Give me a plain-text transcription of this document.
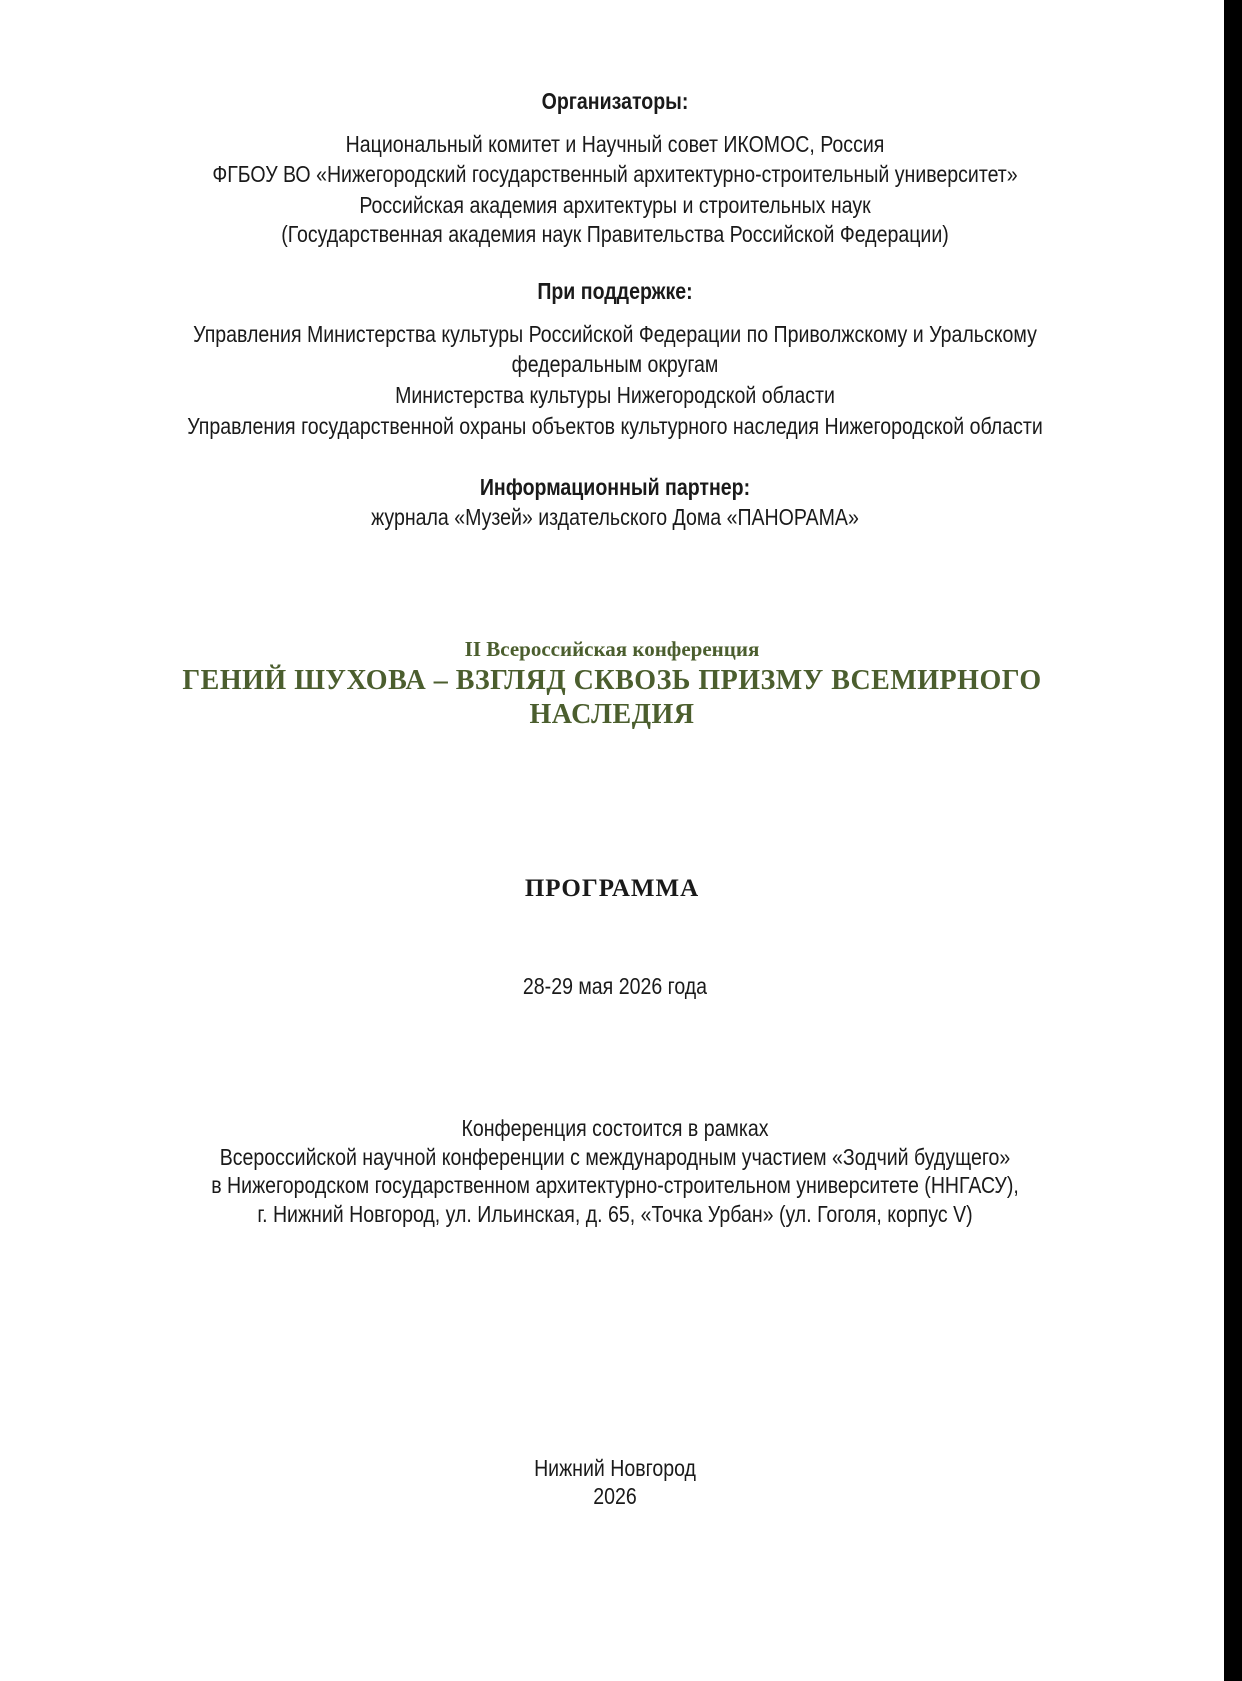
Организаторы:
Национальный комитет и Научный совет ИКОМОС, Россия
ФГБОУ ВО «Нижегородский государственный архитектурно-строительный университет»
Российская академия архитектуры и строительных наук
(Государственная академия наук Правительства Российской Федерации)
При поддержке:
Управления Министерства культуры Российской Федерации по Приволжскому и Уральскому
федеральным округам
Министерства культуры Нижегородской области
Управления государственной охраны объектов культурного наследия Нижегородской области
Информационный партнер:
журнала «Музей» издательского Дома «ПАНОРАМА»
II Всероссийская конференция
ГЕНИЙ ШУХОВА – ВЗГЛЯД СКВОЗЬ ПРИЗМУ ВСЕМИРНОГО
НАСЛЕДИЯ
ПРОГРАММА
28-29 мая 2026 года
Конференция состоится в рамках
Всероссийской научной конференции с международным участием «Зодчий будущего»
в Нижегородском государственном архитектурно-строительном университете (ННГАСУ),
г. Нижний Новгород, ул. Ильинская, д. 65, «Точка Урбан» (ул. Гоголя, корпус V)
Нижний Новгород
2026
